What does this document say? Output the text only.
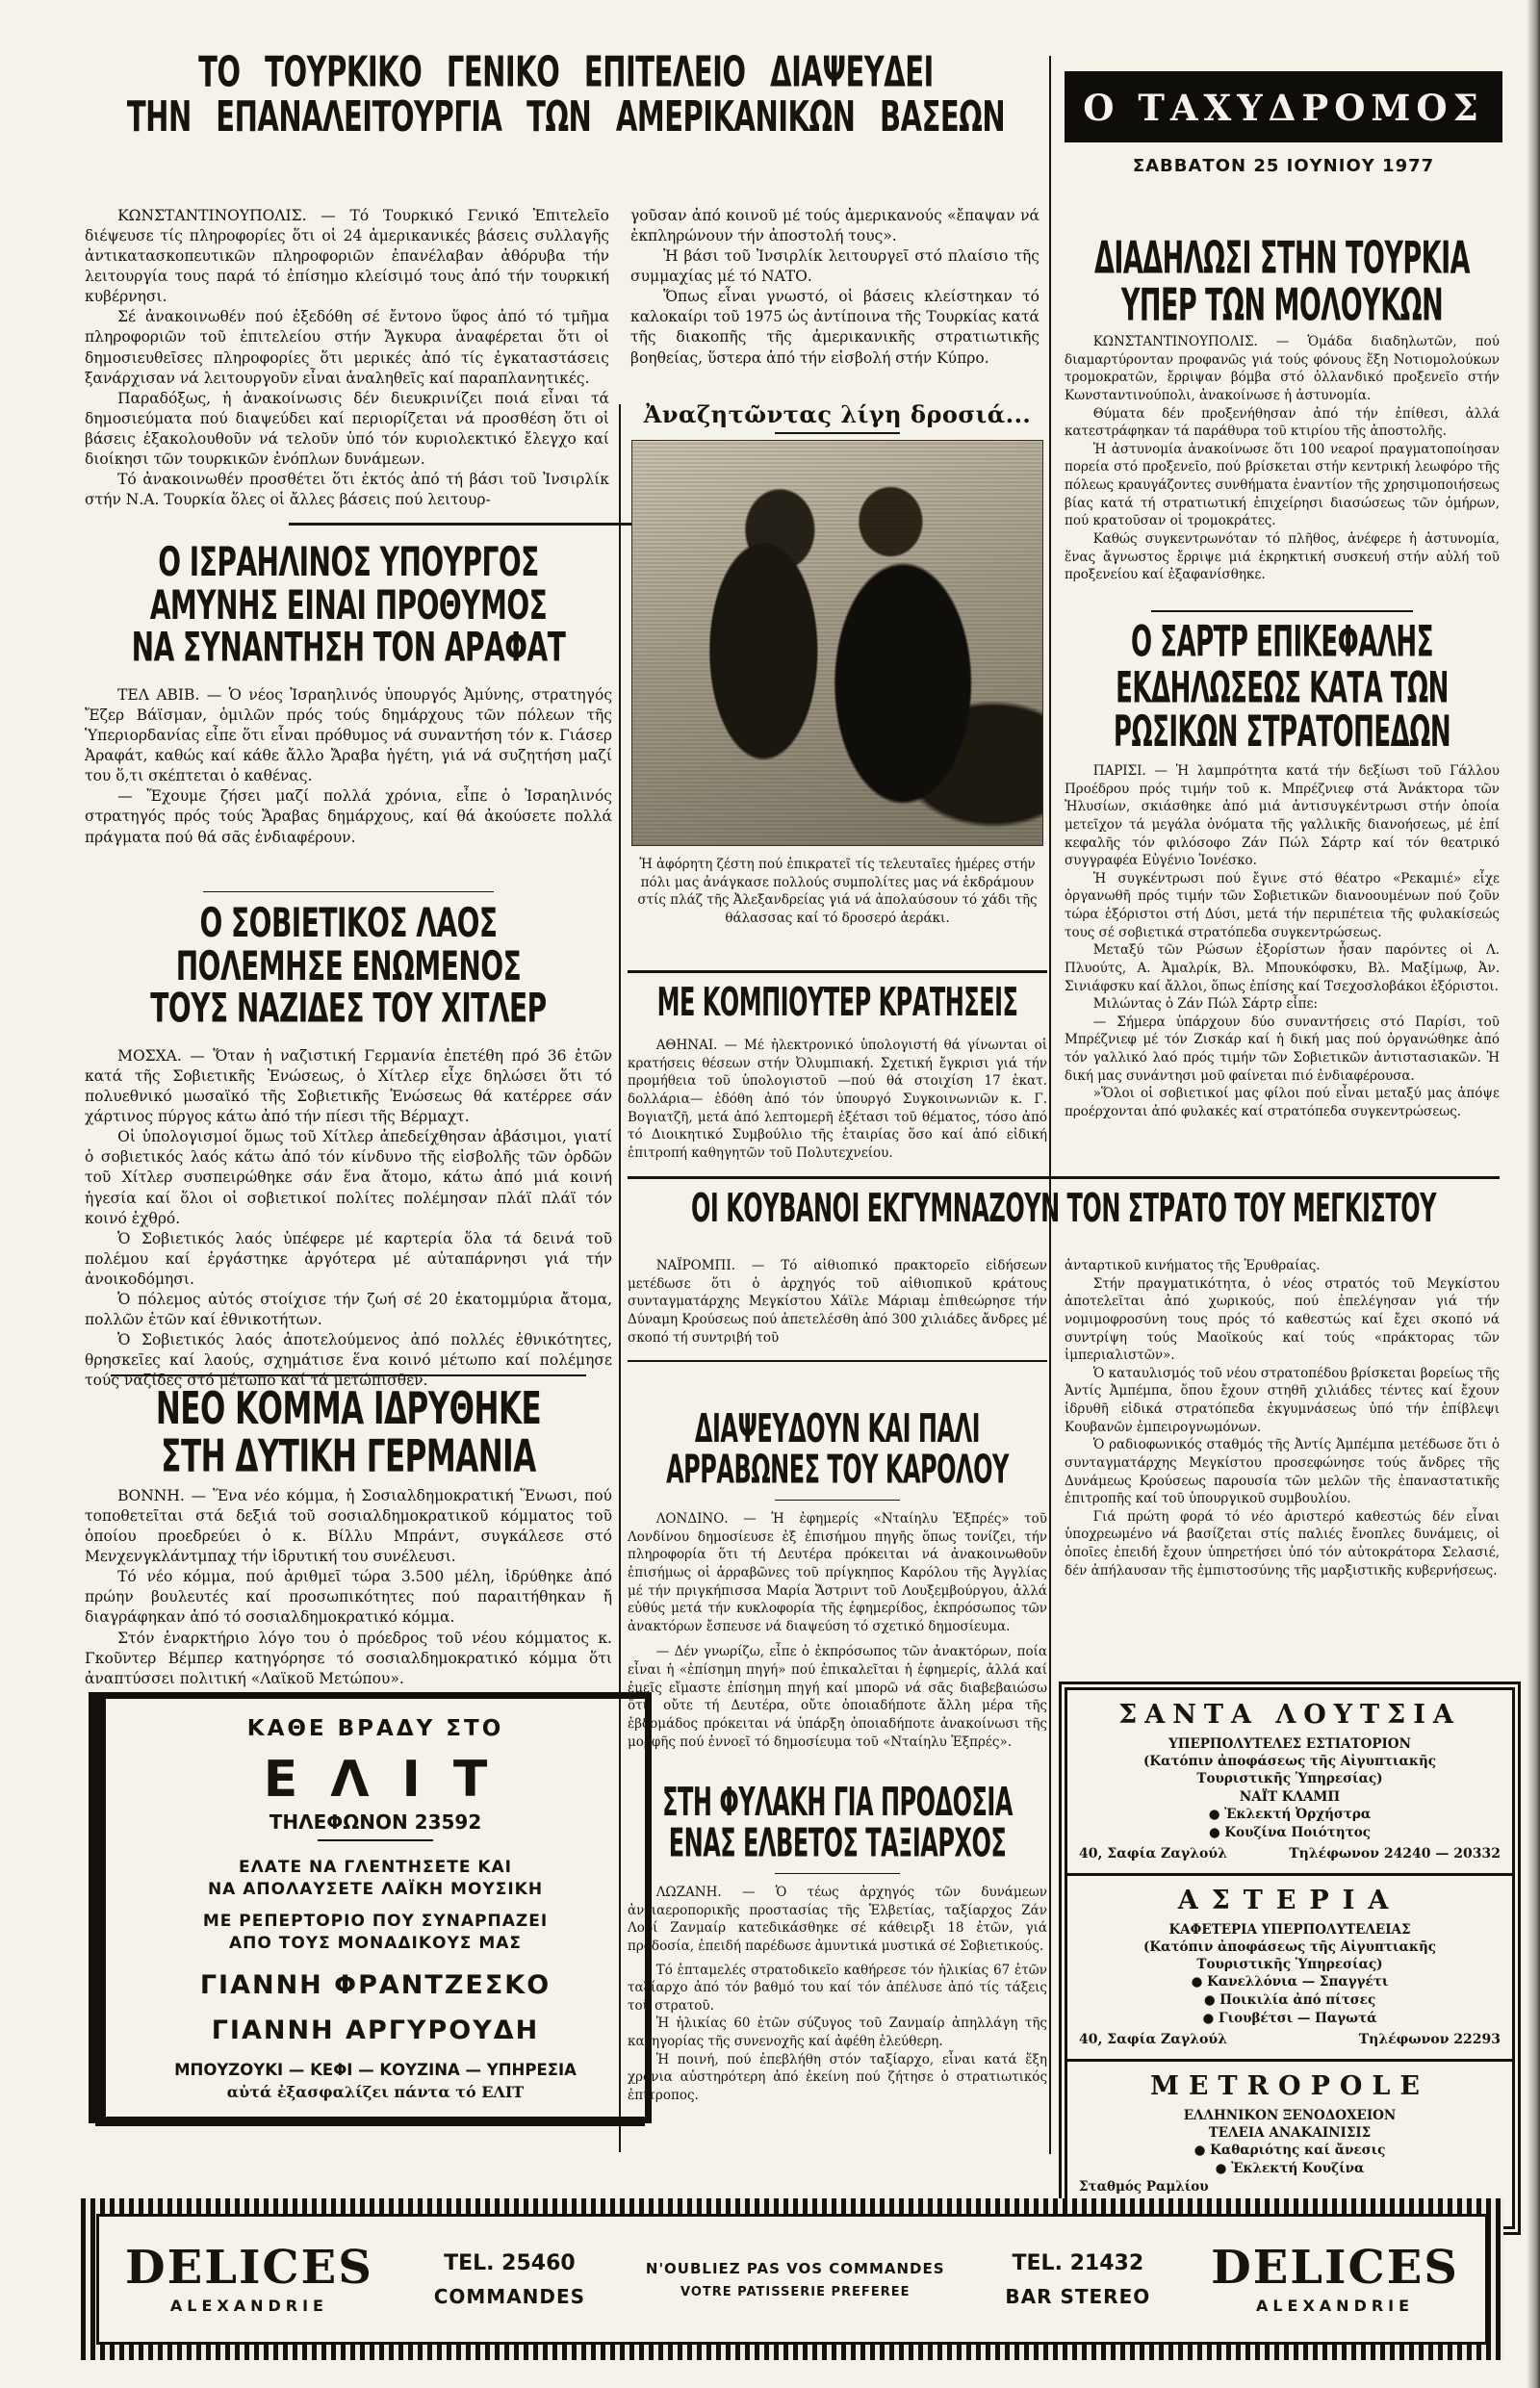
ΤΟ ΤΟΥΡΚΙΚΟ ΓΕΝΙΚΟ ΕΠΙΤΕΛΕΙΟ ΔΙΑΨΕΥΔΕΙ
ΤΗΝ ΕΠΑΝΑΛΕΙΤΟΥΡΓΙΑ ΤΩΝ ΑΜΕΡΙΚΑΝΙΚΩΝ ΒΑΣΕΩΝ	Ο ΤΑΧΥΔΡΟΜΟΣ
ΣΑΒΒΑΤΟΝ 25 ΙΟΥΝΙΟΥ 1977

ΚΩΝΣΤΑΝΤΙΝΟΥΠΟΛΙΣ. — Τό Τουρκικό Γενικό Ἐπιτελεῖο διέψευσε τίς πληροφορίες ὅτι οἱ 24 ἀμερικανικές βάσεις συλλαγῆς ἀντικατασκοπευτικῶν πληροφοριῶν ἐπανέλαβαν ἀθόρυβα τήν λειτουργία τους παρά τό ἐπίσημο κλείσιμό τους ἀπό τήν τουρκική κυβέρνησι.

Σέ ἀνακοινωθέν πού ἐξεδόθη σέ ἔντονο ὕφος ἀπό τό τμῆμα πληροφοριῶν τοῦ ἐπιτελείου στήν Ἄγκυρα ἀναφέρεται ὅτι οἱ δημοσιευθεῖσες πληροφορίες ὅτι μερικές ἀπό τίς ἐγκαταστάσεις ξανάρχισαν νά λειτουργοῦν εἶναι ἀναληθεῖς καί παραπλανητικές.

Παραδόξως, ἡ ἀνακοίνωσις δέν διευκρινίζει ποιά εἶναι τά δημοσιεύματα πού διαψεύδει καί περιορίζεται νά προσθέση ὅτι οἱ βάσεις ἐξακολουθοῦν νά τελοῦν ὑπό τόν κυριολεκτικό ἔλεγχο καί διοίκησι τῶν τουρκικῶν ἐνόπλων δυνάμεων.

Τό ἀνακοινωθέν προσθέτει ὅτι ἐκτός ἀπό τή βάσι τοῦ Ἰνσιρλίκ στήν Ν.Α. Τουρκία ὅλες οἱ ἄλλες βάσεις πού λειτουρ-

γοῦσαν ἀπό κοινοῦ μέ τούς ἀμερικανούς «ἔπαψαν νά ἐκπληρώνουν τήν ἀποστολή τους».

Ἡ βάσι τοῦ Ἰνσιρλίκ λειτουργεῖ στό πλαίσιο τῆς συμμαχίας μέ τό ΝΑΤΟ.

Ὅπως εἶναι γνωστό, οἱ βάσεις κλείστηκαν τό καλοκαίρι τοῦ 1975 ὡς ἀντίποινα τῆς Τουρκίας κατά τῆς διακοπῆς τῆς ἀμερικανικῆς στρατιωτικῆς βοηθείας, ὕστερα ἀπό τήν εἰσβολή στήν Κύπρο.

Ο ΙΣΡΑΗΛΙΝΟΣ ΥΠΟΥΡΓΟΣ
ΑΜΥΝΗΣ ΕΙΝΑΙ ΠΡΟΘΥΜΟΣ
ΝΑ ΣΥΝΑΝΤΗΣΗ ΤΟΝ ΑΡΑΦΑΤ

ΤΕΛ ΑΒΙΒ. — Ὁ νέος Ἰσραηλινός ὑπουργός Ἀμύνης, στρατηγός Ἔζερ Βάϊσμαν, ὁμιλῶν πρός τούς δημάρχους τῶν πόλεων τῆς Ὑπεριορδανίας εἶπε ὅτι εἶναι πρόθυμος νά συναντήση τόν κ. Γιάσερ Ἀραφάτ, καθώς καί κάθε ἄλλο Ἄραβα ἡγέτη, γιά νά συζητήση μαζί του ὅ,τι σκέπτεται ὁ καθένας.

— Ἔχουμε ζήσει μαζί πολλά χρόνια, εἶπε ὁ Ἰσραηλινός στρατηγός πρός τούς Ἄραβας δημάρχους, καί θά ἀκούσετε πολλά πράγματα πού θά σᾶς ἐνδιαφέρουν.

Ο ΣΟΒΙΕΤΙΚΟΣ ΛΑΟΣ
ΠΟΛΕΜΗΣΕ ΕΝΩΜΕΝΟΣ
ΤΟΥΣ ΝΑΖΙΔΕΣ ΤΟΥ ΧΙΤΛΕΡ

ΜΟΣΧΑ. — Ὅταν ἡ ναζιστική Γερμανία ἐπετέθη πρό 36 ἐτῶν κατά τῆς Σοβιετικῆς Ἑνώσεως, ὁ Χίτλερ εἶχε δηλώσει ὅτι τό πολυεθνικό μωσαϊκό τῆς Σοβιετικῆς Ἑνώσεως θά κατέρρεε σάν χάρτινος πύργος κάτω ἀπό τήν πίεσι τῆς Βέρμαχτ.

Οἱ ὑπολογισμοί ὅμως τοῦ Χίτλερ ἀπεδείχθησαν ἀβάσιμοι, γιατί ὁ σοβιετικός λαός κάτω ἀπό τόν κίνδυνο τῆς εἰσβολῆς τῶν ὀρδῶν τοῦ Χίτλερ συσπειρώθηκε σάν ἕνα ἄτομο, κάτω ἀπό μιά κοινή ἡγεσία καί ὅλοι οἱ σοβιετικοί πολίτες πολέμησαν πλάϊ πλάϊ τόν κοινό ἐχθρό.

Ὁ Σοβιετικός λαός ὑπέφερε μέ καρτερία ὅλα τά δεινά τοῦ πολέμου καί ἐργάστηκε ἀργότερα μέ αὐταπάρνησι γιά τήν ἀνοικοδόμησι.

Ὁ πόλεμος αὐτός στοίχισε τήν ζωή σέ 20 ἑκατομμύρια ἄτομα, πολλῶν ἐτῶν καί ἐθνικοτήτων.

Ὁ Σοβιετικός λαός ἀποτελούμενος ἀπό πολλές ἐθνικότητες, θρησκεῖες καί λαούς, σχημάτισε ἕνα κοινό μέτωπο καί πολέμησε τούς ναζίδες στό μέτωπο καί τά μετώπισθεν.

ΝΕΟ ΚΟΜΜΑ ΙΔΡΥΘΗΚΕ
ΣΤΗ ΔΥΤΙΚΗ ΓΕΡΜΑΝΙΑ

ΒΟΝΝΗ. — Ἕνα νέο κόμμα, ἡ Σοσιαλδημοκρατική Ἕνωσι, πού τοποθετεῖται στά δεξιά τοῦ σοσιαλδημοκρατικοῦ κόμματος τοῦ ὁποίου προεδρεύει ὁ κ. Βίλλυ Μπράντ, συγκάλεσε στό Μενχενγκλάντμπαχ τήν ἱδρυτική του συνέλευσι.

Τό νέο κόμμα, πού ἀριθμεῖ τώρα 3.500 μέλη, ἱδρύθηκε ἀπό πρώην βουλευτές καί προσωπικότητες πού παραιτήθηκαν ἤ διαγράφηκαν ἀπό τό σοσιαλδημοκρατικό κόμμα.

Στόν ἐναρκτήριο λόγο του ὁ πρόεδρος τοῦ νέου κόμματος κ. Γκοῦντερ Βέμπερ κατηγόρησε τό σοσιαλδημοκρατικό κόμμα ὅτι ἀναπτύσσει πολιτική «Λαϊκοῦ Μετώπου».

ΚΑΘΕ ΒΡΑΔΥ ΣΤΟ
ΕΛΙΤ
ΤΗΛΕΦΩΝΟΝ 23592
ΕΛΑΤΕ ΝΑ ΓΛΕΝΤΗΣΕΤΕ ΚΑΙ
ΝΑ ΑΠΟΛΑΥΣΕΤΕ ΛΑΪΚΗ ΜΟΥΣΙΚΗ
ΜΕ ΡΕΠΕΡΤΟΡΙΟ ΠΟΥ ΣΥΝΑΡΠΑΖΕΙ
ΑΠΟ ΤΟΥΣ ΜΟΝΑΔΙΚΟΥΣ ΜΑΣ
ΓΙΑΝΝΗ ΦΡΑΝΤΖΕΣΚΟ
ΓΙΑΝΝΗ ΑΡΓΥΡΟΥΔΗ
ΜΠΟΥΖΟΥΚΙ — ΚΕΦΙ — ΚΟΥΖΙΝΑ — ΥΠΗΡΕΣΙΑ
αὐτά ἐξασφαλίζει πάντα τό ΕΛΙΤ
Ἀναζητῶντας λίγη δροσιά...

Ἡ ἀφόρητη ζέστη πού ἐπικρατεῖ τίς τελευταῖες ἡμέρες στήν πόλι μας ἀνάγκασε πολλούς συμπολίτες μας νά ἐκδράμουν στίς πλάζ τῆς Ἀλεξανδρείας γιά νά ἀπολαύσουν τό χάδι τῆς θάλασσας καί τό δροσερό ἀεράκι.

ΜΕ ΚΟΜΠΙΟΥΤΕΡ ΚΡΑΤΗΣΕΙΣ

ΑΘΗΝΑΙ. — Μέ ἠλεκτρονικό ὑπολογιστή θά γίνωνται οἱ κρατήσεις θέσεων στήν Ὀλυμπιακή. Σχετική ἔγκρισι γιά τήν προμήθεια τοῦ ὑπολογιστοῦ —πού θά στοιχίση 17 ἑκατ. δολλάρια— ἐδόθη ἀπό τόν ὑπουργό Συγκοινωνιῶν κ. Γ. Βογιατζῆ, μετά ἀπό λεπτομερῆ ἐξέτασι τοῦ θέματος, τόσο ἀπό τό Διοικητικό Συμβούλιο τῆς ἑταιρίας ὅσο καί ἀπό εἰδική ἐπιτροπή καθηγητῶν τοῦ Πολυτεχνείου.

ΟΙ ΚΟΥΒΑΝΟΙ ΕΚΓΥΜΝΑΖΟΥΝ ΤΟΝ ΣΤΡΑΤΟ ΤΟΥ ΜΕΓΚΙΣΤΟΥ

ΝΑΪΡΟΜΠΙ. — Τό αἰθιοπικό πρακτορεῖο εἰδήσεων μετέδωσε ὅτι ὁ ἀρχηγός τοῦ αἰθιοπικοῦ κράτους συνταγματάρχης Μεγκίστου Χάϊλε Μάριαμ ἐπιθεώρησε τήν Δύναμη Κρούσεως πού ἀπετελέσθη ἀπό 300 χιλιάδες ἄνδρες μέ σκοπό τή συντριβή τοῦ

ΔΙΑΨΕΥΔΟΥΝ ΚΑΙ ΠΑΛΙ
ΑΡΡΑΒΩΝΕΣ ΤΟΥ ΚΑΡΟΛΟΥ

ΛΟΝΔΙΝΟ. — Ἡ ἐφημερίς «Νταίηλυ Ἐξπρές» τοῦ Λονδίνου δημοσίευσε ἐξ ἐπισήμου πηγῆς ὅπως τονίζει, τήν πληροφορία ὅτι τή Δευτέρα πρόκειται νά ἀνακοινωθοῦν ἐπισήμως οἱ ἀρραβῶνες τοῦ πρίγκηπος Καρόλου τῆς Ἀγγλίας μέ τήν πριγκήπισσα Μαρία Ἄστριντ τοῦ Λουξεμβούργου, ἀλλά εὐθύς μετά τήν κυκλοφορία τῆς ἐφημερίδος, ἐκπρόσωπος τῶν ἀνακτόρων ἔσπευσε νά διαψεύση τό σχετικό δημοσίευμα.

— Δέν γνωρίζω, εἶπε ὁ ἐκπρόσωπος τῶν ἀνακτόρων, ποία εἶναι ἡ «ἐπίσημη πηγή» πού ἐπικαλεῖται ἡ ἐφημερίς, ἀλλά καί ἐμεῖς εἴμαστε ἐπίσημη πηγή καί μπορῶ νά σᾶς διαβεβαιώσω ὅτι· οὔτε τή Δευτέρα, οὔτε ὁποιαδήποτε ἄλλη μέρα τῆς ἑβδομάδος πρόκειται νά ὑπάρξη ὁποιαδήποτε ἀνακοίνωσι τῆς μορφῆς πού ἐννοεῖ τό δημοσίευμα τοῦ «Νταίηλυ Ἐξπρές».

ΣΤΗ ΦΥΛΑΚΗ ΓΙΑ ΠΡΟΔΟΣΙΑ
ΕΝΑΣ ΕΛΒΕΤΟΣ ΤΑΞΙΑΡΧΟΣ

ΛΩΖΑΝΗ. — Ὁ τέως ἀρχηγός τῶν δυνάμεων ἀντιαεροπορικῆς προστασίας τῆς Ἑλβετίας, ταξίαρχος Ζάν Λουί Ζανμαίρ κατεδικάσθηκε σέ κάθειρξι 18 ἐτῶν, γιά προδοσία, ἐπειδή παρέδωσε ἀμυντικά μυστικά σέ Σοβιετικούς.

Τό ἑπταμελές στρατοδικεῖο καθήρεσε τόν ἡλικίας 67 ἐτῶν ταξίαρχο ἀπό τόν βαθμό του καί τόν ἀπέλυσε ἀπό τίς τάξεις τοῦ στρατοῦ.

Ἡ ἡλικίας 60 ἐτῶν σύζυγος τοῦ Ζανμαίρ ἀπηλλάγη τῆς κατηγορίας τῆς συνενοχῆς καί ἀφέθη ἐλεύθερη.

Ἡ ποινή, πού ἐπεβλήθη στόν ταξίαρχο, εἶναι κατά ἕξη χρόνια αὐστηρότερη ἀπό ἐκείνη πού ζήτησε ὁ στρατιωτικός ἐπίτροπος.

ΔΙΑΔΗΛΩΣΙ ΣΤΗΝ ΤΟΥΡΚΙΑ
ΥΠΕΡ ΤΩΝ ΜΟΛΟΥΚΩΝ

ΚΩΝΣΤΑΝΤΙΝΟΥΠΟΛΙΣ. — Ὁμάδα διαδηλωτῶν, πού διαμαρτύρονταν προφανῶς γιά τούς φόνους ἕξη Νοτιομολούκων τρομοκρατῶν, ἔρριψαν βόμβα στό ὁλλανδικό προξενεῖο στήν Κωνσταντινούπολι, ἀνακοίνωσε ἡ ἀστυνομία.

Θύματα δέν προξενήθησαν ἀπό τήν ἐπίθεσι, ἀλλά κατεστράφηκαν τά παράθυρα τοῦ κτιρίου τῆς ἀποστολῆς.

Ἡ ἀστυνομία ἀνακοίνωσε ὅτι 100 νεαροί πραγματοποίησαν πορεία στό προξενεῖο, πού βρίσκεται στήν κεντρική λεωφόρο τῆς πόλεως κραυγάζοντες συνθήματα ἐναντίον τῆς χρησιμοποιήσεως βίας κατά τή στρατιωτική ἐπιχείρησι διασώσεως τῶν ὁμήρων, πού κρατοῦσαν οἱ τρομοκράτες.

Καθώς συγκεντρωνόταν τό πλῆθος, ἀνέφερε ἡ ἀστυνομία, ἕνας ἄγνωστος ἔρριψε μιά ἐκρηκτική συσκευή στήν αὐλή τοῦ προξενείου καί ἐξαφανίσθηκε.

Ο ΣΑΡΤΡ ΕΠΙΚΕΦΑΛΗΣ
ΕΚΔΗΛΩΣΕΩΣ ΚΑΤΑ ΤΩΝ
ΡΩΣΙΚΩΝ ΣΤΡΑΤΟΠΕΔΩΝ

ΠΑΡΙΣΙ. — Ἡ λαμπρότητα κατά τήν δεξίωσι τοῦ Γάλλου Προέδρου πρός τιμήν τοῦ κ. Μπρέζνιεφ στά Ἀνάκτορα τῶν Ἠλυσίων, σκιάσθηκε ἀπό μιά ἀντισυγκέντρωσι στήν ὁποία μετεῖχον τά μεγάλα ὀνόματα τῆς γαλλικῆς διανοήσεως, μέ ἐπί κεφαλῆς τόν φιλόσοφο Ζάν Πώλ Σάρτρ καί τόν θεατρικό συγγραφέα Εὐγένιο Ἰονέσκο.

Ἡ συγκέντρωσι πού ἔγινε στό θέατρο «Ρεκαμιέ» εἶχε ὀργανωθῆ πρός τιμήν τῶν Σοβιετικῶν διανοουμένων πού ζοῦν τώρα ἐξόριστοι στή Δύσι, μετά τήν περιπέτεια τῆς φυλακίσεώς τους σέ σοβιετικά στρατόπεδα συγκεντρώσεως.

Μεταξύ τῶν Ρώσων ἐξορίστων ἦσαν παρόντες οἱ Λ. Πλυούτς, Α. Ἀμαλρίκ, Βλ. Μπουκόφσκυ, Βλ. Μαξίμωφ, Ἀν. Σινιάφσκυ καί ἄλλοι, ὅπως ἐπίσης καί Τσεχοσλοβάκοι ἐξόριστοι.

Μιλώντας ὁ Ζάν Πώλ Σάρτρ εἶπε:

— Σήμερα ὑπάρχουν δύο συναντήσεις στό Παρίσι, τοῦ Μπρέζνιεφ μέ τόν Ζισκάρ καί ἡ δική μας πού ὀργανώθηκε ἀπό τόν γαλλικό λαό πρός τιμήν τῶν Σοβιετικῶν ἀντιστασιακῶν. Ἡ δική μας συνάντησι μοῦ φαίνεται πιό ἐνδιαφέρουσα.

»Ὅλοι οἱ σοβιετικοί μας φίλοι πού εἶναι μεταξύ μας ἀπόψε προέρχονται ἀπό φυλακές καί στρατόπεδα συγκεντρώσεως.

ἀνταρτικοῦ κινήματος τῆς Ἐρυθραίας.

Στήν πραγματικότητα, ὁ νέος στρατός τοῦ Μεγκίστου ἀποτελεῖται ἀπό χωρικούς, πού ἐπελέγησαν γιά τήν νομιμοφροσύνη τους πρός τό καθεστώς καί ἔχει σκοπό νά συντρίψη τούς Μαοϊκούς καί τούς «πράκτορας τῶν ἰμπεριαλιστῶν».

Ὁ καταυλισμός τοῦ νέου στρατοπέδου βρίσκεται βορείως τῆς Ἀντίς Ἀμπέμπα, ὅπου ἔχουν στηθῆ χιλιάδες τέντες καί ἔχουν ἱδρυθῆ εἰδικά στρατόπεδα ἐκγυμνάσεως ὑπό τήν ἐπίβλεψι Κουβανῶν ἐμπειρογνωμόνων.

Ὁ ραδιοφωνικός σταθμός τῆς Ἀντίς Ἀμπέμπα μετέδωσε ὅτι ὁ συνταγματάρχης Μεγκίστου προσεφώνησε τούς ἄνδρες τῆς Δυνάμεως Κρούσεως παρουσία τῶν μελῶν τῆς ἐπαναστατικῆς ἐπιτροπῆς καί τοῦ ὑπουργικοῦ συμβουλίου.

Γιά πρώτη φορά τό νέο ἀριστερό καθεστώς δέν εἶναι ὑποχρεωμένο νά βασίζεται στίς παλιές ἔνοπλες δυνάμεις, οἱ ὁποῖες ἐπειδή ἔχουν ὑπηρετήσει ὑπό τόν αὐτοκράτορα Σελασιέ, δέν ἀπήλαυσαν τῆς ἐμπιστοσύνης τῆς μαρξιστικῆς κυβερνήσεως.

ΣΑΝΤΑ ΛΟΥΤΣΙΑ
ΥΠΕΡΠΟΛΥΤΕΛΕΣ ΕΣΤΙΑΤΟΡΙΟΝ
(Κατόπιν ἀποφάσεως τῆς Αἰγυπτιακῆς
Τουριστικῆς Ὑπηρεσίας)
ΝΑΪΤ ΚΛΑΜΠ
● Ἐκλεκτή Ὀρχήστρα
● Κουζίνα Ποιότητος
40, Σαφία Ζαγλούλ	Τηλέφωνον 24240 — 20332
ΑΣΤΕΡΙΑ
ΚΑΦΕΤΕΡΙΑ ΥΠΕΡΠΟΛΥΤΕΛΕΙΑΣ
(Κατόπιν ἀποφάσεως τῆς Αἰγυπτιακῆς
Τουριστικῆς Ὑπηρεσίας)
● Κανελλόνια — Σπαγγέτι
● Ποικιλία ἀπό πίτσες
● Γιουβέτσι — Παγωτά
40, Σαφία Ζαγλούλ	Τηλέφωνον 22293
METROPOLE
ΕΛΛΗΝΙΚΟΝ ΞΕΝΟΔΟΧΕΙΟΝ
ΤΕΛΕΙΑ ΑΝΑΚΑΙΝΙΣΙΣ
● Καθαριότης καί ἄνεσις
● Ἐκλεκτή Κουζίνα
Σταθμός Ραμλίου
DELICES
ALEXANDRIE
TEL. 25460
COMMANDES
N'OUBLIEZ PAS VOS COMMANDES
VOTRE PATISSERIE PREFEREE
TEL. 21432
BAR STEREO
DELICES
ALEXANDRIE
